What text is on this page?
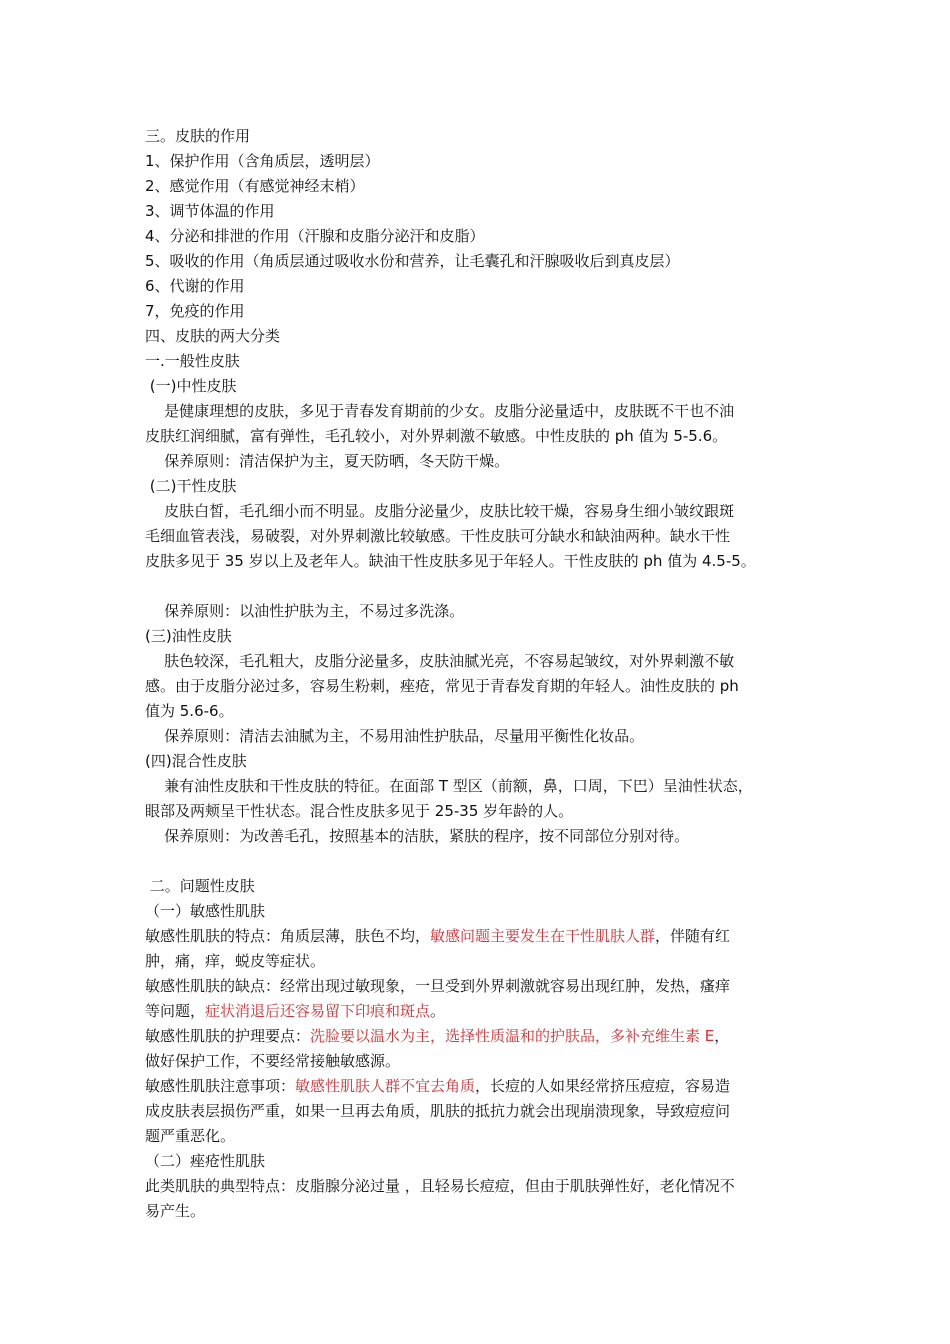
三。皮肤的作用

1、保护作用（含角质层，透明层）

2、感觉作用（有感觉神经末梢）

3、调节体温的作用

4、分泌和排泄的作用（汗腺和皮脂分泌汗和皮脂）

5、吸收的作用（角质层通过吸收水份和营养，让毛囊孔和汗腺吸收后到真皮层）

6、代谢的作用

7，免疫的作用

四、皮肤的两大分类

一.一般性皮肤

(一)中性皮肤

是健康理想的皮肤，多见于青春发育期前的少女。皮脂分泌量适中，皮肤既不干也不油

皮肤红润细腻，富有弹性，毛孔较小，对外界刺激不敏感。中性皮肤的 ph 值为 5-5.6。

保养原则：清洁保护为主，夏天防晒，冬天防干燥。

(二)干性皮肤

皮肤白皙，毛孔细小而不明显。皮脂分泌量少，皮肤比较干燥，容易身生细小皱纹跟斑

毛细血管表浅，易破裂，对外界刺激比较敏感。干性皮肤可分缺水和缺油两种。缺水干性

皮肤多见于 35 岁以上及老年人。缺油干性皮肤多见于年轻人。干性皮肤的 ph 值为 4.5-5。

保养原则：以油性护肤为主，不易过多洗涤。

(三)油性皮肤

肤色较深，毛孔粗大，皮脂分泌量多，皮肤油腻光亮，不容易起皱纹，对外界刺激不敏

感。由于皮脂分泌过多，容易生粉刺，痤疮，常见于青春发育期的年轻人。油性皮肤的 ph

值为 5.6-6。

保养原则：清洁去油腻为主，不易用油性护肤品，尽量用平衡性化妆品。

(四)混合性皮肤

兼有油性皮肤和干性皮肤的特征。在面部 T 型区（前额，鼻，口周，下巴）呈油性状态，

眼部及两颊呈干性状态。混合性皮肤多见于 25-35 岁年龄的人。

保养原则：为改善毛孔，按照基本的洁肤，紧肤的程序，按不同部位分别对待。

二。问题性皮肤

（一）敏感性肌肤

敏感性肌肤的特点：角质层薄，肤色不均，敏感问题主要发生在干性肌肤人群，伴随有红

肿，痛，痒，蜕皮等症状。

敏感性肌肤的缺点：经常出现过敏现象，一旦受到外界刺激就容易出现红肿，发热，瘙痒

等问题，症状消退后还容易留下印痕和斑点。

敏感性肌肤的护理要点：洗脸要以温水为主，选择性质温和的护肤品，多补充维生素 E，

做好保护工作，不要经常接触敏感源。

敏感性肌肤注意事项：敏感性肌肤人群不宜去角质，长痘的人如果经常挤压痘痘，容易造

成皮肤表层损伤严重，如果一旦再去角质，肌肤的抵抗力就会出现崩溃现象，导致痘痘问

题严重恶化。

（二）痤疮性肌肤

此类肌肤的典型特点：皮脂腺分泌过量 ，且轻易长痘痘，但由于肌肤弹性好，老化情况不

易产生。
